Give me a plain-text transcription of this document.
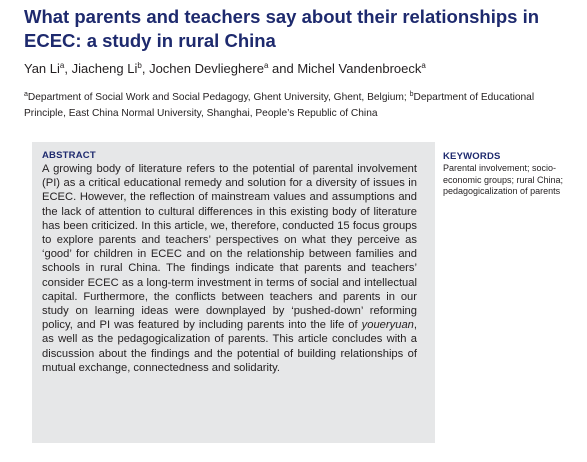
What parents and teachers say about their relationships in ECEC: a study in rural China
Yan Li$^a$, Jiacheng Li$^b$, Jochen Devlieghere$^a$ and Michel Vandenbroeck$^a$
$^a$Department of Social Work and Social Pedagogy, Ghent University, Ghent, Belgium; $^b$Department of Educational Principle, East China Normal University, Shanghai, People’s Republic of China
ABSTRACT
A growing body of literature refers to the potential of parental involvement (PI) as a critical educational remedy and solution for a diversity of issues in ECEC. However, the reflection of mainstream values and assumptions and the lack of attention to cultural differences in this existing body of literature has been criticized. In this article, we, therefore, conducted 15 focus groups to explore parents and teachers’ perspectives on what they perceive as ‘good’ for children in ECEC and on the relationship between families and schools in rural China. The findings indicate that parents and teachers’ consider ECEC as a long-term investment in terms of social and intellectual capital. Furthermore, the conflicts between teachers and parents in our study on learning ideas were downplayed by ‘pushed-down’ reforming policy, and PI was featured by including parents into the life of youeryuan, as well as the pedagogicalization of parents. This article concludes with a discussion about the findings and the potential of building relationships of mutual exchange, connectedness and solidarity.
KEYWORDS
Parental involvement; socio-economic groups; rural China; pedagogicalization of parents
